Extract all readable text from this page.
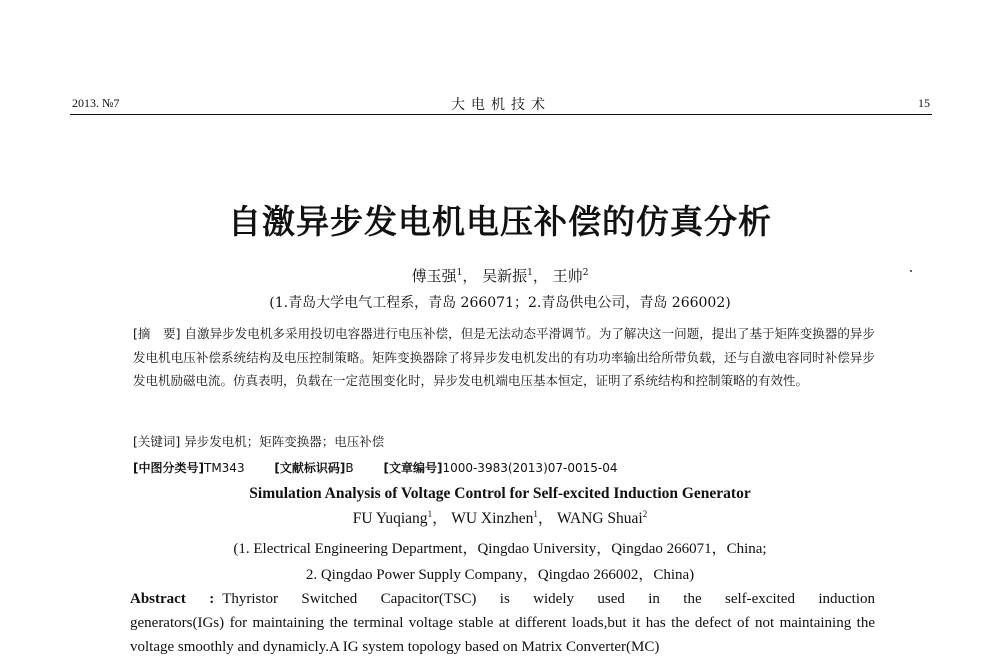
2013. №7	大电机技术	15
自激异步发电机电压补偿的仿真分析
傅玉强$^1$， 吴新振$^1$， 王帅$^2$
(1.青岛大学电气工程系，青岛 266071；2.青岛供电公司，青岛 266002)
[摘　要] 自激异步发电机多采用投切电容器进行电压补偿，但是无法动态平滑调节。为了解决这一问题，提出了基于矩阵变换器的异步发电机电压补偿系统结构及电压控制策略。矩阵变换器除了将异步发电机发出的有功功率输出给所带负载，还与自激电容同时补偿异步发电机励磁电流。仿真表明，负载在一定范围变化时，异步发电机端电压基本恒定，证明了系统结构和控制策略的有效性。
[关键词] 异步发电机；矩阵变换器；电压补偿
[中图分类号]TM343 [文献标识码]B [文章编号]1000-3983(2013)07-0015-04
Simulation Analysis of Voltage Control for Self-excited Induction Generator
FU Yuqiang$^1$， WU Xinzhen$^1$， WANG Shuai$^2$
(1. Electrical Engineering Department，Qingdao University，Qingdao 266071，China;
2. Qingdao Power Supply Company，Qingdao 266002，China)
Abstract : Thyristor Switched Capacitor(TSC) is widely used in the self-excited induction
generators(IGs) for maintaining the terminal voltage stable at different loads,but it has the defect of not maintaining the voltage smoothly and dynamicly.A IG system topology based on Matrix Converter(MC)
